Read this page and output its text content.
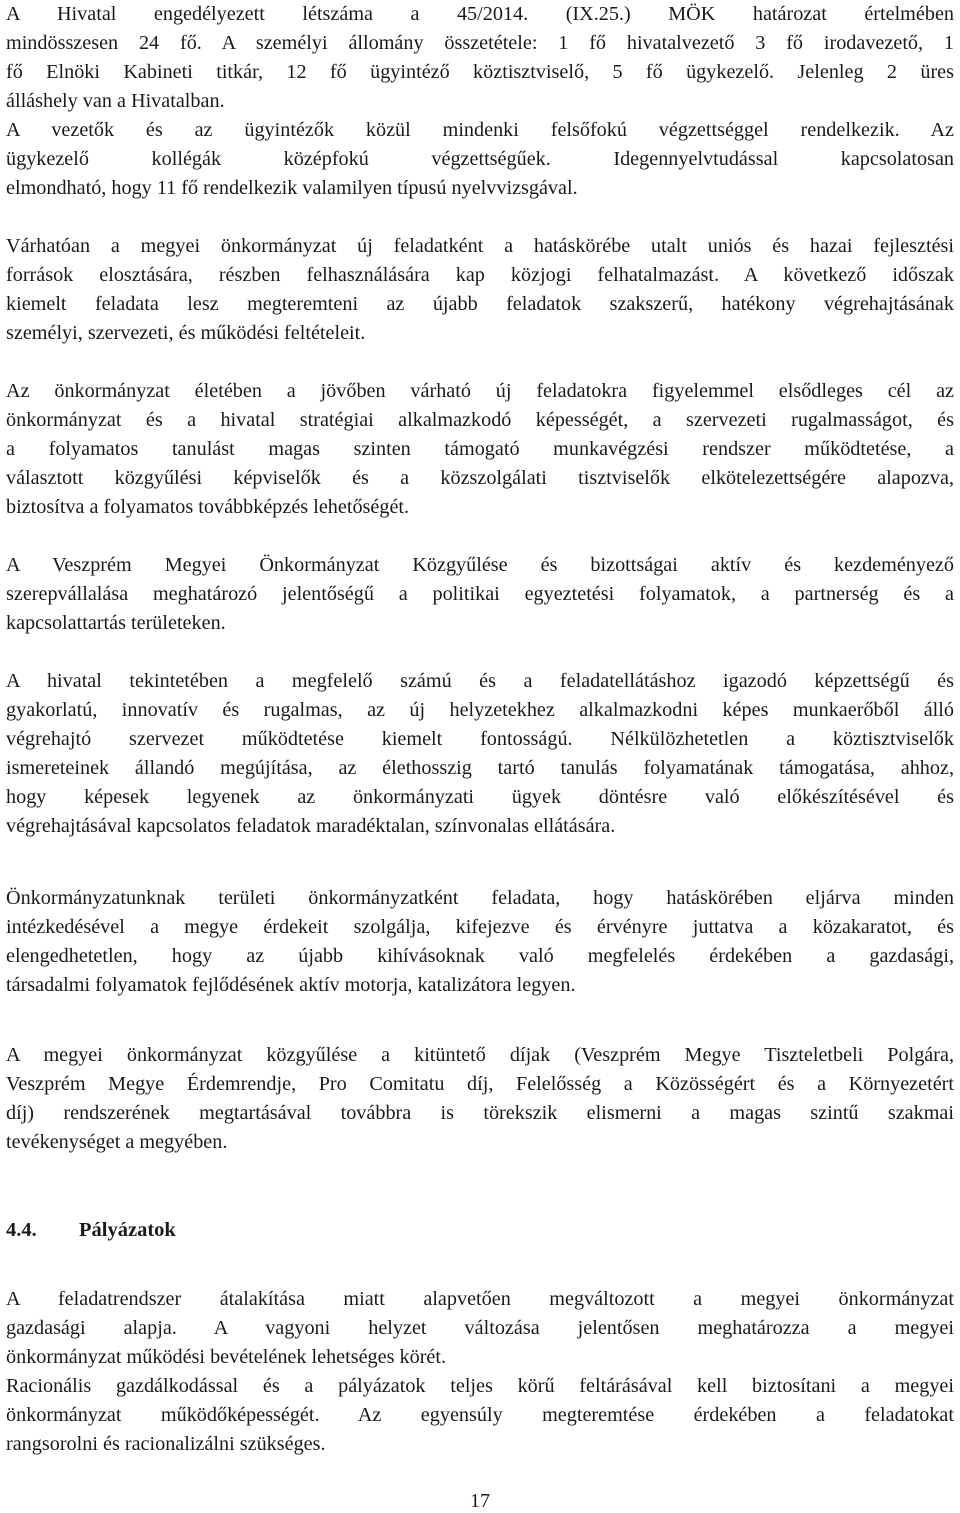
A Hivatal engedélyezett létszáma a 45/2014. (IX.25.) MÖK határozat értelmében
mindösszesen 24 fő. A személyi állomány összetétele: 1 fő hivatalvezető 3 fő irodavezető, 1
fő Elnöki Kabineti titkár, 12 fő ügyintéző köztisztviselő, 5 fő ügykezelő. Jelenleg 2 üres
álláshely van a Hivatalban.
A vezetők és az ügyintézők közül mindenki felsőfokú végzettséggel rendelkezik. Az
ügykezelő kollégák középfokú végzettségűek. Idegennyelvtudással kapcsolatosan
elmondható, hogy 11 fő rendelkezik valamilyen típusú nyelvvizsgával.
Várhatóan a megyei önkormányzat új feladatként a hatáskörébe utalt uniós és hazai fejlesztési
források elosztására, részben felhasználására kap közjogi felhatalmazást. A következő időszak
kiemelt feladata lesz megteremteni az újabb feladatok szakszerű, hatékony végrehajtásának
személyi, szervezeti, és működési feltételeit.
Az önkormányzat életében a jövőben várható új feladatokra figyelemmel elsődleges cél az
önkormányzat és a hivatal stratégiai alkalmazkodó képességét, a szervezeti rugalmasságot, és
a folyamatos tanulást magas szinten támogató munkavégzési rendszer működtetése, a
választott közgyűlési képviselők és a közszolgálati tisztviselők elkötelezettségére alapozva,
biztosítva a folyamatos továbbképzés lehetőségét.
A Veszprém Megyei Önkormányzat Közgyűlése és bizottságai aktív és kezdeményező
szerepvállalása meghatározó jelentőségű a politikai egyeztetési folyamatok, a partnerség és a
kapcsolattartás területeken.
A hivatal tekintetében a megfelelő számú és a feladatellátáshoz igazodó képzettségű és
gyakorlatú, innovatív és rugalmas, az új helyzetekhez alkalmazkodni képes munkaerőből álló
végrehajtó szervezet működtetése kiemelt fontosságú. Nélkülözhetetlen a köztisztviselők
ismereteinek állandó megújítása, az élethosszig tartó tanulás folyamatának támogatása, ahhoz,
hogy képesek legyenek az önkormányzati ügyek döntésre való előkészítésével és
végrehajtásával kapcsolatos feladatok maradéktalan, színvonalas ellátására.
Önkormányzatunknak területi önkormányzatként feladata, hogy hatáskörében eljárva minden
intézkedésével a megye érdekeit szolgálja, kifejezve és érvényre juttatva a közakaratot, és
elengedhetetlen, hogy az újabb kihívásoknak való megfelelés érdekében a gazdasági,
társadalmi folyamatok fejlődésének aktív motorja, katalizátora legyen.
A megyei önkormányzat közgyűlése a kitüntető díjak (Veszprém Megye Tiszteletbeli Polgára,
Veszprém Megye Érdemrendje, Pro Comitatu díj, Felelősség a Közösségért és a Környezetért
díj) rendszerének megtartásával továbbra is törekszik elismerni a magas szintű szakmai
tevékenységet a megyében.
4.4. Pályázatok
A feladatrendszer átalakítása miatt alapvetően megváltozott a megyei önkormányzat
gazdasági alapja. A vagyoni helyzet változása jelentősen meghatározza a megyei
önkormányzat működési bevételének lehetséges körét.
Racionális gazdálkodással és a pályázatok teljes körű feltárásával kell biztosítani a megyei
önkormányzat működőképességét. Az egyensúly megteremtése érdekében a feladatokat
rangsorolni és racionalizálni szükséges.
17
